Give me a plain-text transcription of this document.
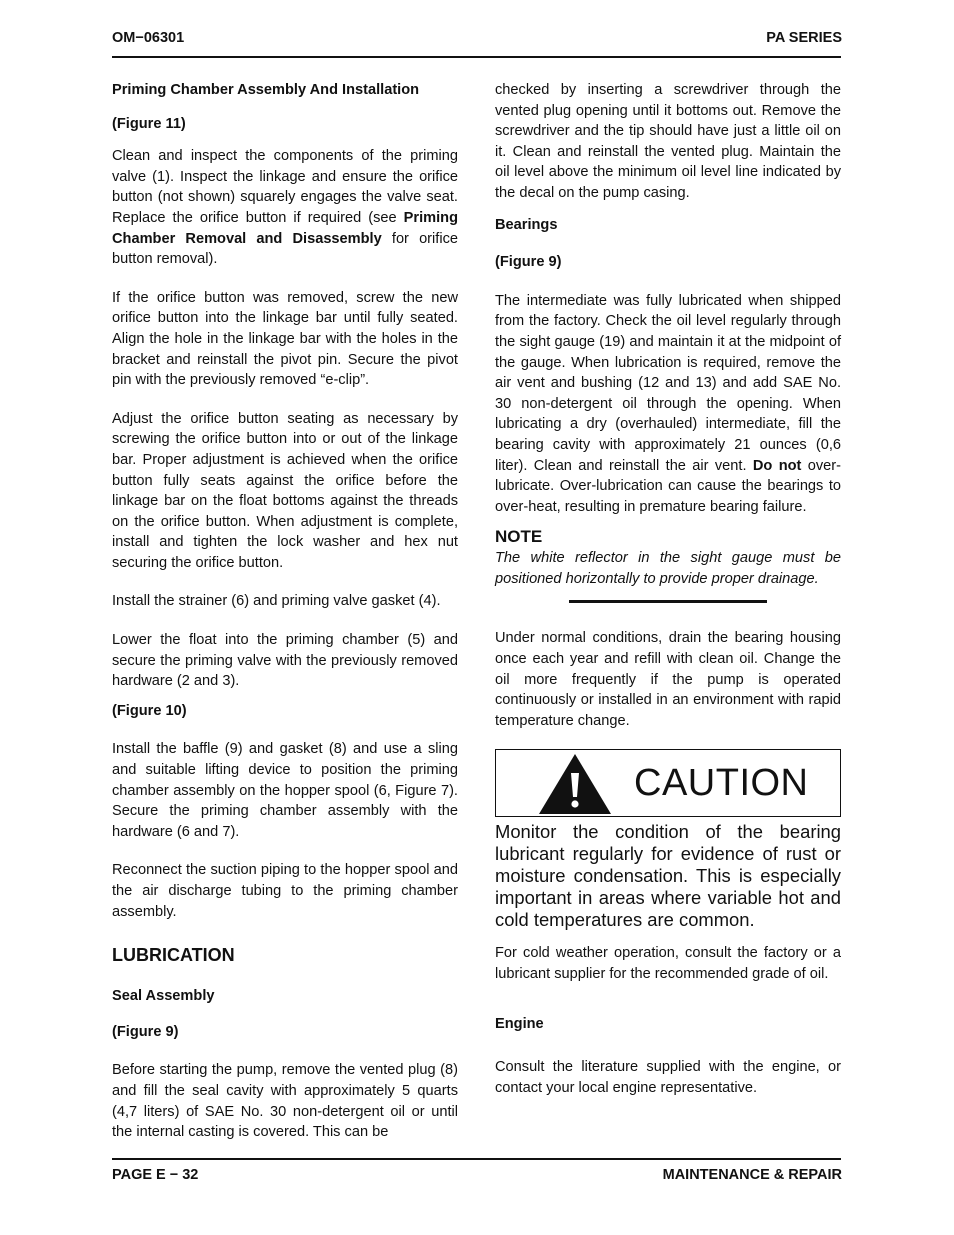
OM−06301	PA SERIES

Priming Chamber Assembly And Installation

(Figure 11)

Clean and inspect the components of the priming valve (1). Inspect the linkage and ensure the orifice button (not shown) squarely engages the valve seat. Replace the orifice button if required (see Priming Chamber Removal and Disassembly for orifice button removal).

If the orifice button was removed, screw the new orifice button into the linkage bar until fully seated. Align the hole in the linkage bar with the holes in the bracket and reinstall the pivot pin. Secure the pivot pin with the previously removed “e-clip”.

Adjust the orifice button seating as necessary by screwing the orifice button into or out of the linkage bar. Proper adjustment is achieved when the orifice button fully seats against the orifice before the linkage bar on the float bottoms against the threads on the orifice button. When adjustment is complete, install and tighten the lock washer and hex nut securing the orifice button.

Install the strainer (6) and priming valve gasket (4).

Lower the float into the priming chamber (5) and secure the priming valve with the previously removed hardware (2 and 3).

(Figure 10)

Install the baffle (9) and gasket (8) and use a sling and suitable lifting device to position the priming chamber assembly on the hopper spool (6, Figure 7). Secure the priming chamber assembly with the hardware (6 and 7).

Reconnect the suction piping to the hopper spool and the air discharge tubing to the priming chamber assembly.

LUBRICATION

Seal Assembly

(Figure 9)

Before starting the pump, remove the vented plug (8) and fill the seal cavity with approximately 5 quarts (4,7 liters) of SAE No. 30 non-detergent oil or until the internal casting is covered. This can be

checked by inserting a screwdriver through the vented plug opening until it bottoms out. Remove the screwdriver and the tip should have just a little oil on it. Clean and reinstall the vented plug. Maintain the oil level above the minimum oil level line indicated by the decal on the pump casing.

Bearings

(Figure 9)

The intermediate was fully lubricated when shipped from the factory. Check the oil level regularly through the sight gauge (19) and maintain it at the midpoint of the gauge. When lubrication is required, remove the air vent and bushing (12 and 13) and add SAE No. 30 non-detergent oil through the opening. When lubricating a dry (overhauled) intermediate, fill the bearing cavity with approximately 21 ounces (0,6 liter). Clean and reinstall the air vent. Do not over-lubricate. Over-lubrication can cause the bearings to over-heat, resulting in premature bearing failure.

NOTE

The white reflector in the sight gauge must be positioned horizontally to provide proper drainage.

Under normal conditions, drain the bearing housing once each year and refill with clean oil. Change the oil more frequently if the pump is operated continuously or installed in an environment with rapid temperature change.

CAUTION

Monitor the condition of the bearing lubricant regularly for evidence of rust or moisture condensation. This is especially important in areas where variable hot and cold temperatures are common.

For cold weather operation, consult the factory or a lubricant supplier for the recommended grade of oil.

Engine

Consult the literature supplied with the engine, or contact your local engine representative.

PAGE E − 32	MAINTENANCE & REPAIR
